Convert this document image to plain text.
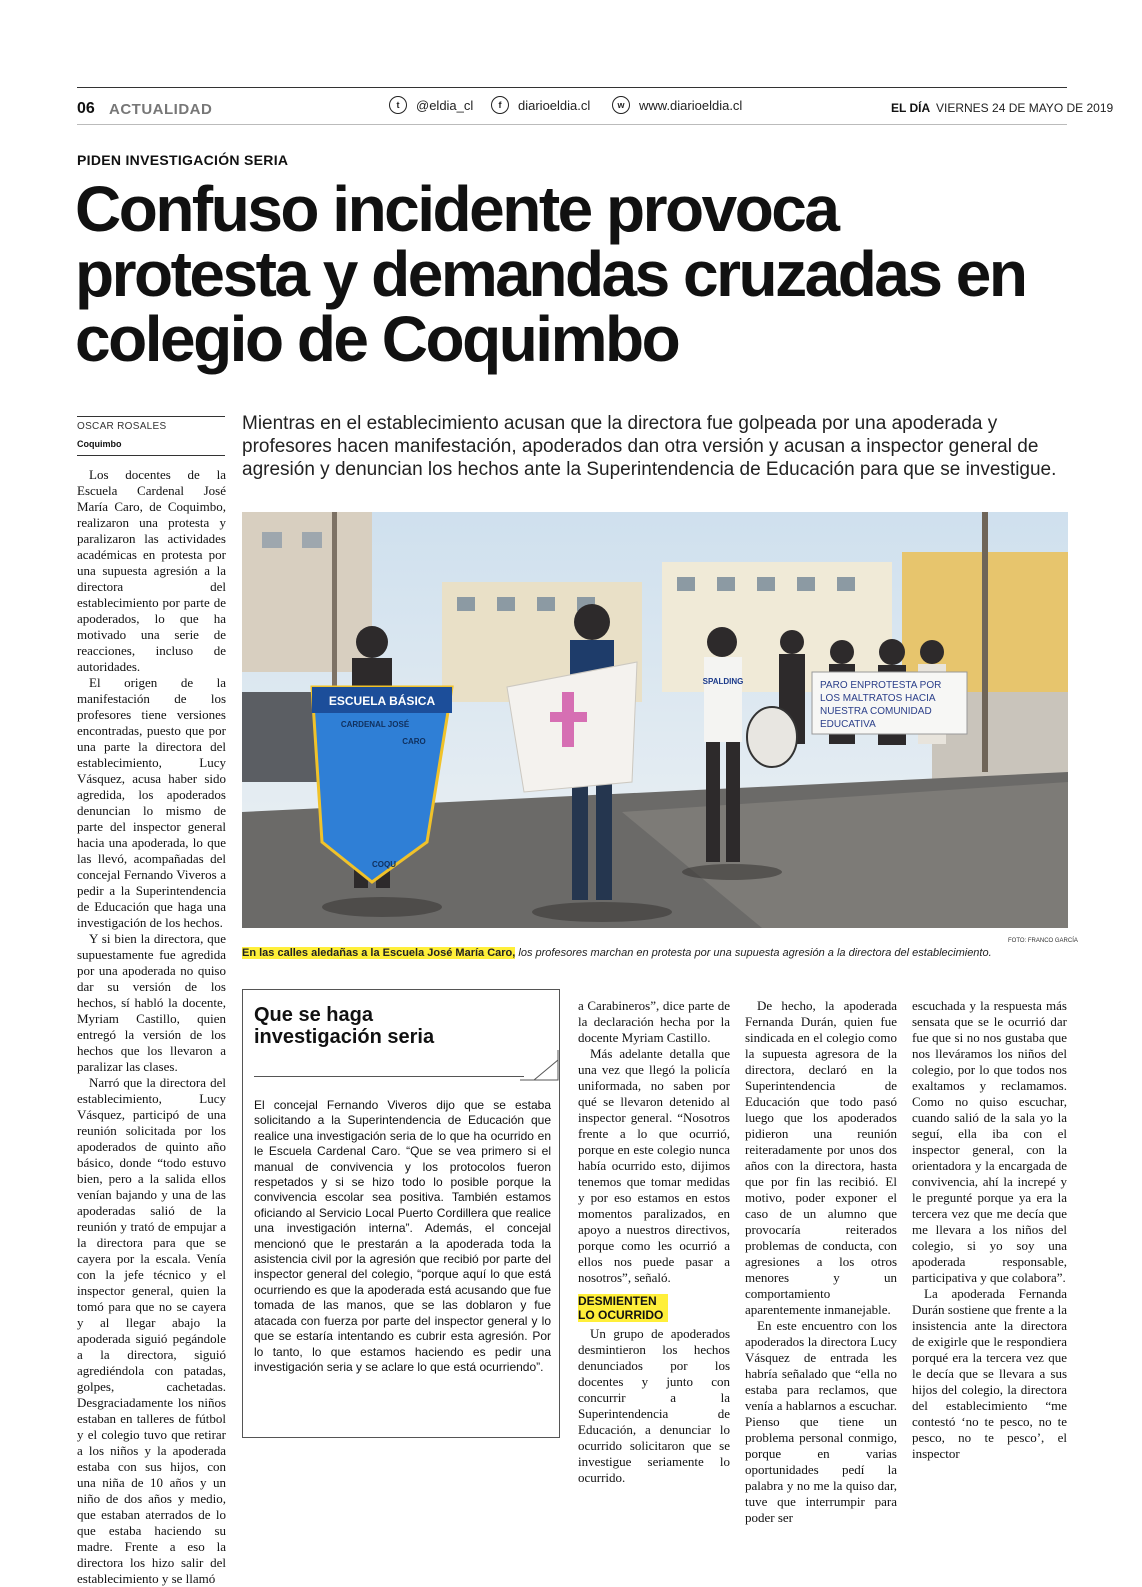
06 ACTUALIDAD	t	@eldia_cl	f	diarioeldia.cl	w	www.diarioeldia.cl	EL DÍA VIERNES 24 DE MAYO DE 2019
PIDEN INVESTIGACIÓN SERIA
Confuso incidente provoca protesta y demandas cruzadas en colegio de Coquimbo
OSCAR ROSALES
Coquimbo

Mientras en el establecimiento acusan que la directora fue golpeada por una apoderada y profesores hacen manifestación, apoderados dan otra versión y acusan a inspector general de agresión y denuncian los hechos ante la Superintendencia de Educación para que se investigue.

ESCUELA BÁSICA
CARDENAL JOSÉ
CARO
COQU
SPALDING	PARO ENPROTESTA POR LOS MALTRATOS HACIA NUESTRA COMUNIDAD EDUCATIVA
FOTO: FRANCO GARCÍA
En las calles aledañas a la Escuela José María Caro, los profesores marchan en protesta por una supuesta agresión a la directora del establecimiento.

Los docentes de la Escuela Cardenal José María Caro, de Coquimbo, realizaron una protesta y paralizaron las actividades académicas en protesta por una supuesta agresión a la directora del establecimiento por parte de apoderados, lo que ha motivado una serie de reacciones, incluso de autoridades.

El origen de la manifestación de los profesores tiene versiones encontradas, puesto que por una parte la directora del establecimiento, Lucy Vásquez, acusa haber sido agredida, los apoderados denuncian lo mismo de parte del inspector general hacia una apoderada, lo que las llevó, acompañadas del concejal Fernando Viveros a pedir a la Superintendencia de Educación que haga una investigación de los hechos.

Y si bien la directora, que supuestamente fue agredida por una apoderada no quiso dar su versión de los hechos, sí habló la docente, Myriam Castillo, quien entregó la versión de los hechos que los llevaron a paralizar las clases.

Narró que la directora del establecimiento, Lucy Vásquez, participó de una reunión solicitada por los apoderados de quinto año básico, donde “todo estuvo bien, pero a la salida ellos venían bajando y una de las apoderadas salió de la reunión y trató de empujar a la directora para que se cayera por la escala. Venía con la jefe técnico y el inspector general, quien la tomó para que no se cayera y al llegar abajo la apoderada siguió pegándole a la directora, siguió agrediéndola con patadas, golpes, cachetadas. Desgraciadamente los niños estaban en talleres de fútbol y el colegio tuvo que retirar a los niños y la apoderada estaba con sus hijos, con una niña de 10 años y un niño de dos años y medio, que estaban aterrados de lo que estaba haciendo su madre. Frente a eso la directora los hizo salir del establecimiento y se llamó

Que se haga investigación seria
El concejal Fernando Viveros dijo que se estaba solicitando a la Superintendencia de Educación que realice una investigación seria de lo que ha ocurrido en le Escuela Cardenal Caro. “Que se vea primero si el manual de convivencia y los protocolos fueron respetados y si se hizo todo lo posible porque la convivencia escolar sea positiva. También estamos oficiando al Servicio Local Puerto Cordillera que realice una investigación interna”. Además, el concejal mencionó que le prestarán a la apoderada toda la asistencia civil por la agresión que recibió por parte del inspector general del colegio, “porque aquí lo que está ocurriendo es que la apoderada está acusando que fue tomada de las manos, que se las doblaron y fue atacada con fuerza por parte del inspector general y lo que se estaría intentando es cubrir esta agresión. Por lo tanto, lo que estamos haciendo es pedir una investigación seria y se aclare lo que está ocurriendo”.

a Carabineros”, dice parte de la declaración hecha por la docente Myriam Castillo.

Más adelante detalla que una vez que llegó la policía uniformada, no saben por qué se llevaron detenido al inspector general. “Nosotros frente a lo que ocurrió, porque en este colegio nunca había ocurrido esto, dijimos tenemos que tomar medidas y por eso estamos en estos momentos paralizados, en apoyo a nuestros directivos, porque como les ocurrió a ellos nos puede pasar a nosotros”, señaló.

DESMIENTEN LO OCURRIDO

Un grupo de apoderados desmintieron los hechos denunciados por los docentes y junto con concurrir a la Superintendencia de Educación, a denunciar lo ocurrido solicitaron que se investigue seriamente lo ocurrido.

De hecho, la apoderada Fernanda Durán, quien fue sindicada en el colegio como la supuesta agresora de la directora, declaró en la Superintendencia de Educación que todo pasó luego que los apoderados pidieron una reunión reiteradamente por unos dos años con la directora, hasta que por fin las recibió. El motivo, poder exponer el caso de un alumno que provocaría reiterados problemas de conducta, con agresiones a los otros menores y un comportamiento aparentemente inmanejable.

En este encuentro con los apoderados la directora Lucy Vásquez de entrada les habría señalado que “ella no estaba para reclamos, que venía a hablarnos a escuchar. Pienso que tiene un problema personal conmigo, porque en varias oportunidades pedí la palabra y no me la quiso dar, tuve que interrumpir para poder ser

escuchada y la respuesta más sensata que se le ocurrió dar fue que si no nos gustaba que nos lleváramos los niños del colegio, por lo que todos nos exaltamos y reclamamos. Como no quiso escuchar, cuando salió de la sala yo la seguí, ella iba con el inspector general, con la orientadora y la encargada de convivencia, ahí la increpé y le pregunté porque ya era la tercera vez que me decía que me llevara a los niños del colegio, si yo soy una apoderada responsable, participativa y que colabora”.

La apoderada Fernanda Durán sostiene que frente a la insistencia ante la directora de exigirle que le respondiera porqué era la tercera vez que le decía que se llevara a sus hijos del colegio, la directora del establecimiento “me contestó ‘no te pesco, no te pesco, no te pesco’, el inspector
